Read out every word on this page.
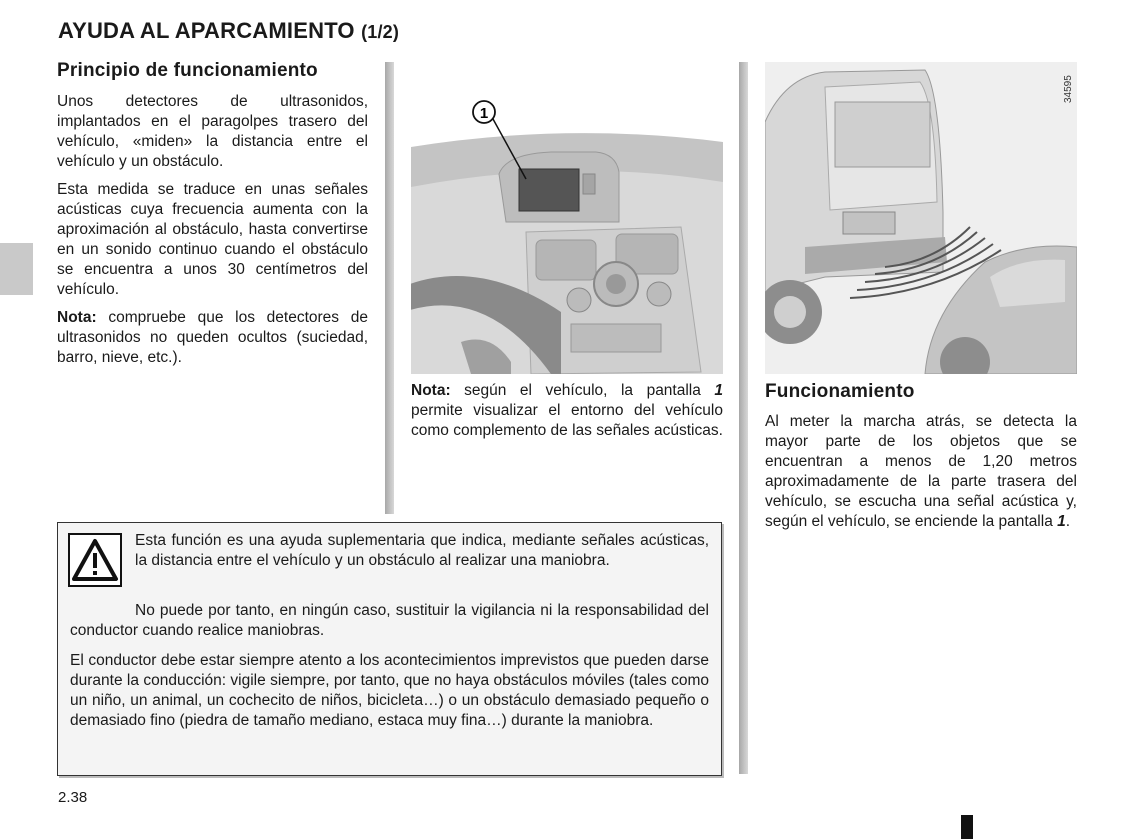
AYUDA AL APARCAMIENTO (1/2)
Principio de funcionamiento

Unos detectores de ultrasonidos, implantados en el paragolpes trasero del vehículo, «miden» la distancia entre el vehículo y un obstáculo.

Esta medida se traduce en unas señales acústicas cuya frecuencia aumenta con la aproximación al obstáculo, hasta convertirse en un sonido continuo cuando el obstáculo se encuentra a unos 30 centímetros del vehículo.

Nota: compruebe que los detectores de ultrasonidos no queden ocultos (suciedad, barro, nieve, etc.).

1

Nota: según el vehículo, la pantalla 1 permite visualizar el entorno del vehículo como complemento de las señales acústicas.

34595
Funcionamiento

Al meter la marcha atrás, se detecta la mayor parte de los objetos que se encuentran a menos de 1,20 metros aproximadamente de la parte trasera del vehículo, se escucha una señal acústica y, según el vehículo, se enciende la pantalla 1.

Esta función es una ayuda suplementaria que indica, mediante señales acústicas, la distancia entre el vehículo y un obstáculo al realizar una maniobra.

No puede por tanto, en ningún caso, sustituir la vigilancia ni la responsabilidad del conductor cuando realice maniobras.

El conductor debe estar siempre atento a los acontecimientos imprevistos que pueden darse durante la conducción: vigile siempre, por tanto, que no haya obstáculos móviles (tales como un niño, un animal, un cochecito de niños, bicicleta…) o un obstáculo demasiado pequeño o demasiado fino (piedra de tamaño mediano, estaca muy fina…) durante la maniobra.

2.38
